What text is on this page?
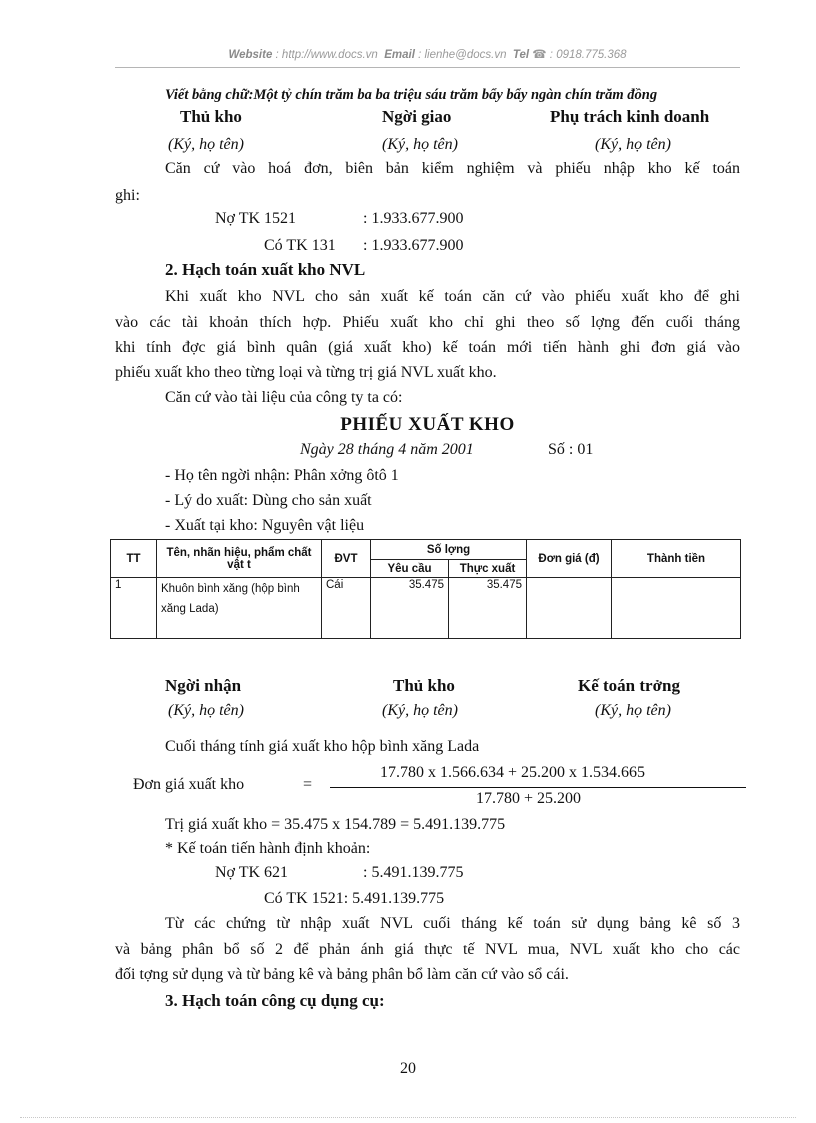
Website : http://www.docs.vn Email : lienhe@docs.vn Tel ☎ : 0918.775.368
Viết bằng chữ:Một tỷ chín trăm ba ba triệu sáu trăm bẩy bẩy ngàn chín trăm đồng
Thủ kho	Ngời giao	Phụ trách kinh doanh
(Ký, họ tên)	(Ký, họ tên)	(Ký, họ tên)
Căn cứ vào hoá đơn, biên bản kiểm nghiệm và phiếu nhập kho kế toán
ghi:
Nợ TK 1521	: 1.933.677.900
Có TK 131 : 1.933.677.900
2. Hạch toán xuất kho NVL
Khi xuất kho NVL cho sản xuất kế toán căn cứ vào phiếu xuất kho để ghi
vào các tài khoản thích hợp. Phiếu xuất kho chỉ ghi theo số lợng đến cuối tháng
khi tính đợc giá bình quân (giá xuất kho) kế toán mới tiến hành ghi đơn giá vào
phiếu xuất kho theo từng loại và từng trị giá NVL xuất kho.
Căn cứ vào tài liệu của công ty ta có:
PHIẾU XUẤT KHO
Ngày 28 tháng 4 năm 2001	Số : 01
- Họ tên ngời nhận: Phân xởng ôtô 1
- Lý do xuất: Dùng cho sản xuất
- Xuất tại kho: Nguyên vật liệu
TT	Tên, nhãn hiệu, phẩm chất vật t	ĐVT	Số lợng		Đơn giá (đ)	Thành tiền
			Yêu cầu	Thực xuất		
1	Khuôn bình xăng (hộp bình xăng Lada)	Cái	35.475	35.475		
Ngời nhận	Thủ kho	Kế toán trởng
(Ký, họ tên)	(Ký, họ tên)	(Ký, họ tên)
Cuối tháng tính giá xuất kho hộp bình xăng Lada
17.780 x 1.566.634 + 25.200 x 1.534.665
Đơn giá xuất kho	=
17.780 + 25.200
Trị giá xuất kho = 35.475 x 154.789 = 5.491.139.775
* Kế toán tiến hành định khoản:
Nợ TK 621	: 5.491.139.775
Có TK 1521: 5.491.139.775
Từ các chứng từ nhập xuất NVL cuối tháng kế toán sử dụng bảng kê số 3
và bảng phân bổ số 2 để phản ánh giá thực tế NVL mua, NVL xuất kho cho các
đối tợng sử dụng và từ bảng kê và bảng phân bổ làm căn cứ vào sổ cái.
3. Hạch toán công cụ dụng cụ:
20
